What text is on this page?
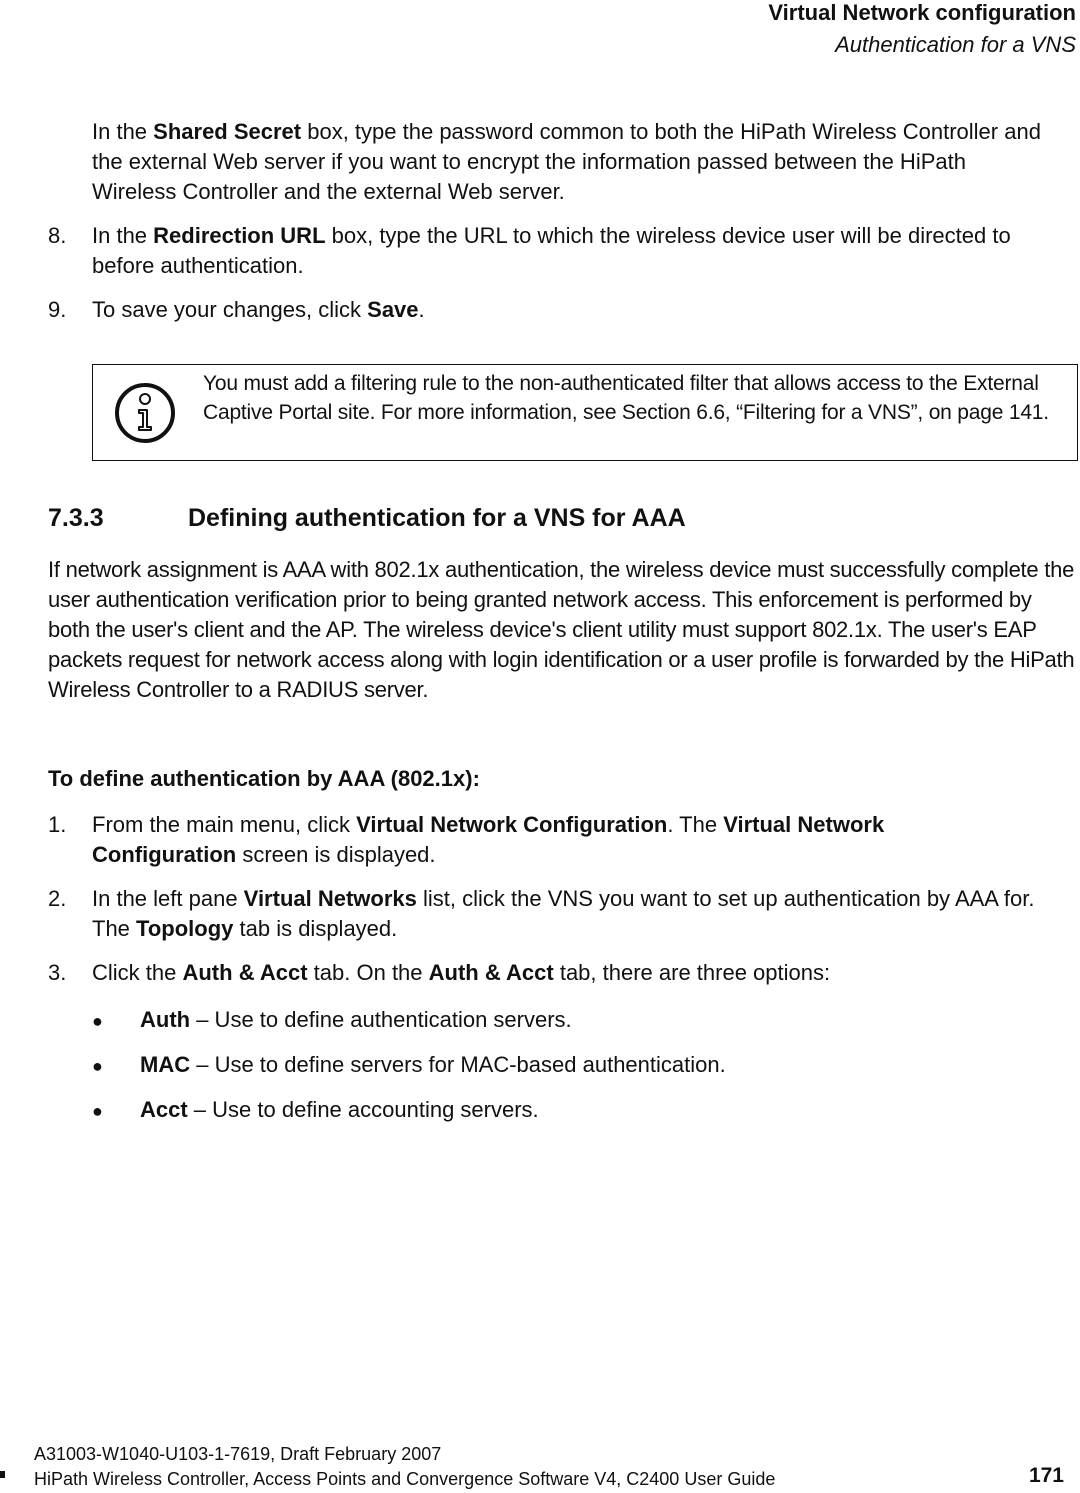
Virtual Network configuration
Authentication for a VNS
In the Shared Secret box, type the password common to both the HiPath Wireless Controller and the external Web server if you want to encrypt the information passed between the HiPath Wireless Controller and the external Web server.
8. In the Redirection URL box, type the URL to which the wireless device user will be directed to before authentication.
9. To save your changes, click Save.
You must add a filtering rule to the non-authenticated filter that allows access to the External Captive Portal site. For more information, see Section 6.6, “Filtering for a VNS”, on page 141.
7.3.3	Defining authentication for a VNS for AAA
If network assignment is AAA with 802.1x authentication, the wireless device must successfully complete the user authentication verification prior to being granted network access. This enforcement is performed by both the user's client and the AP. The wireless device's client utility must support 802.1x. The user's EAP packets request for network access along with login identification or a user profile is forwarded by the HiPath Wireless Controller to a RADIUS server.
To define authentication by AAA (802.1x):
1. From the main menu, click Virtual Network Configuration. The Virtual Network Configuration screen is displayed.
2. In the left pane Virtual Networks list, click the VNS you want to set up authentication by AAA for. The Topology tab is displayed.
3. Click the Auth & Acct tab. On the Auth & Acct tab, there are three options:
● Auth – Use to define authentication servers.
● MAC – Use to define servers for MAC-based authentication.
● Acct – Use to define accounting servers.
A31003-W1040-U103-1-7619, Draft February 2007
HiPath Wireless Controller, Access Points and Convergence Software V4, C2400 User Guide	171
